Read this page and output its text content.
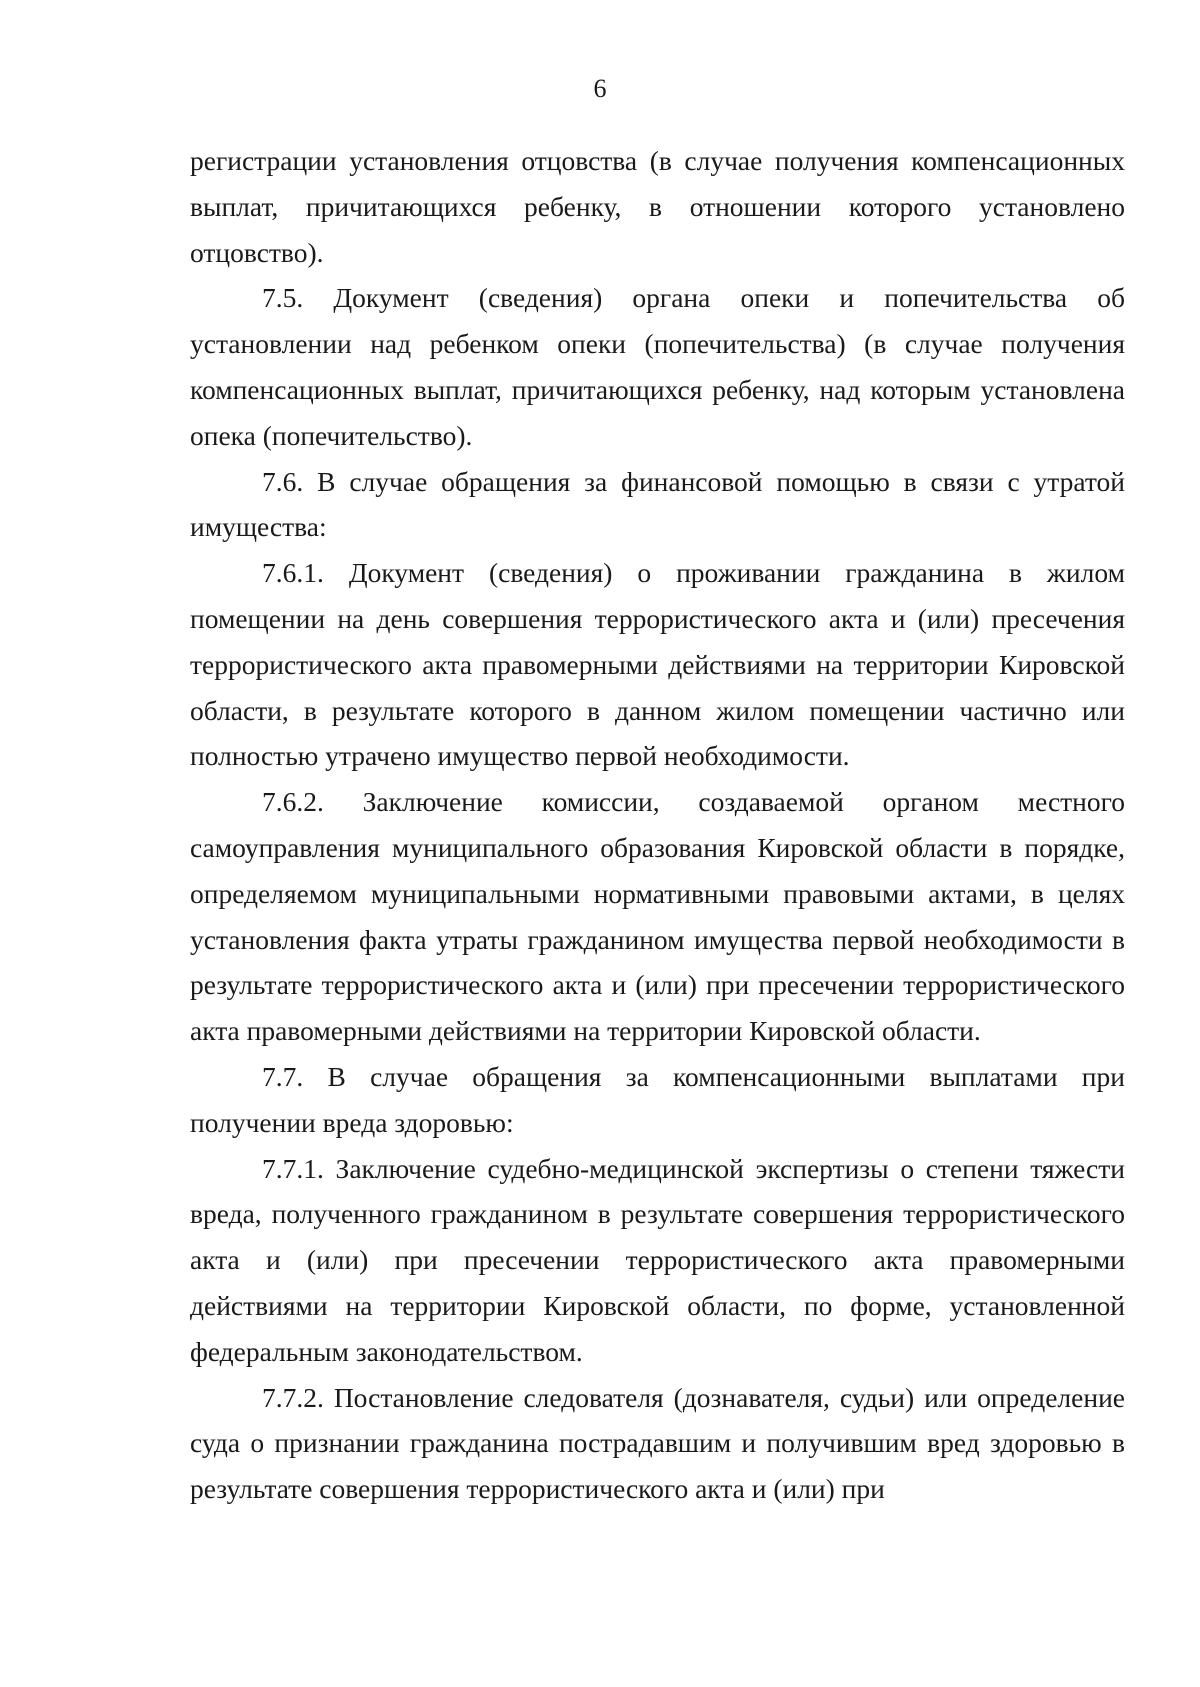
6

регистрации установления отцовства (в случае получения компенсационных выплат, причитающихся ребенку, в отношении которого установлено отцовство).

7.5. Документ (сведения) органа опеки и попечительства об установлении над ребенком опеки (попечительства) (в случае получения компенсационных выплат, причитающихся ребенку, над которым установлена опека (попечительство).

7.6. В случае обращения за финансовой помощью в связи с утратой имущества:

7.6.1. Документ (сведения) о проживании гражданина в жилом помещении на день совершения террористического акта и (или) пресечения террористического акта правомерными действиями на территории Кировской области, в результате которого в данном жилом помещении частично или полностью утрачено имущество первой необходимости.

7.6.2. Заключение комиссии, создаваемой органом местного самоуправления муниципального образования Кировской области в порядке, определяемом муниципальными нормативными правовыми актами, в целях установления факта утраты гражданином имущества первой необходимости в результате террористического акта и (или) при пресечении террористического акта правомерными действиями на территории Кировской области.

7.7. В случае обращения за компенсационными выплатами при получении вреда здоровью:

7.7.1. Заключение судебно-медицинской экспертизы о степени тяжести вреда, полученного гражданином в результате совершения террористического акта и (или) при пресечении террористического акта правомерными действиями на территории Кировской области, по форме, установленной федеральным законодательством.

7.7.2. Постановление следователя (дознавателя, судьи) или определение суда о признании гражданина пострадавшим и получившим вред здоровью в результате совершения террористического акта и (или) при
